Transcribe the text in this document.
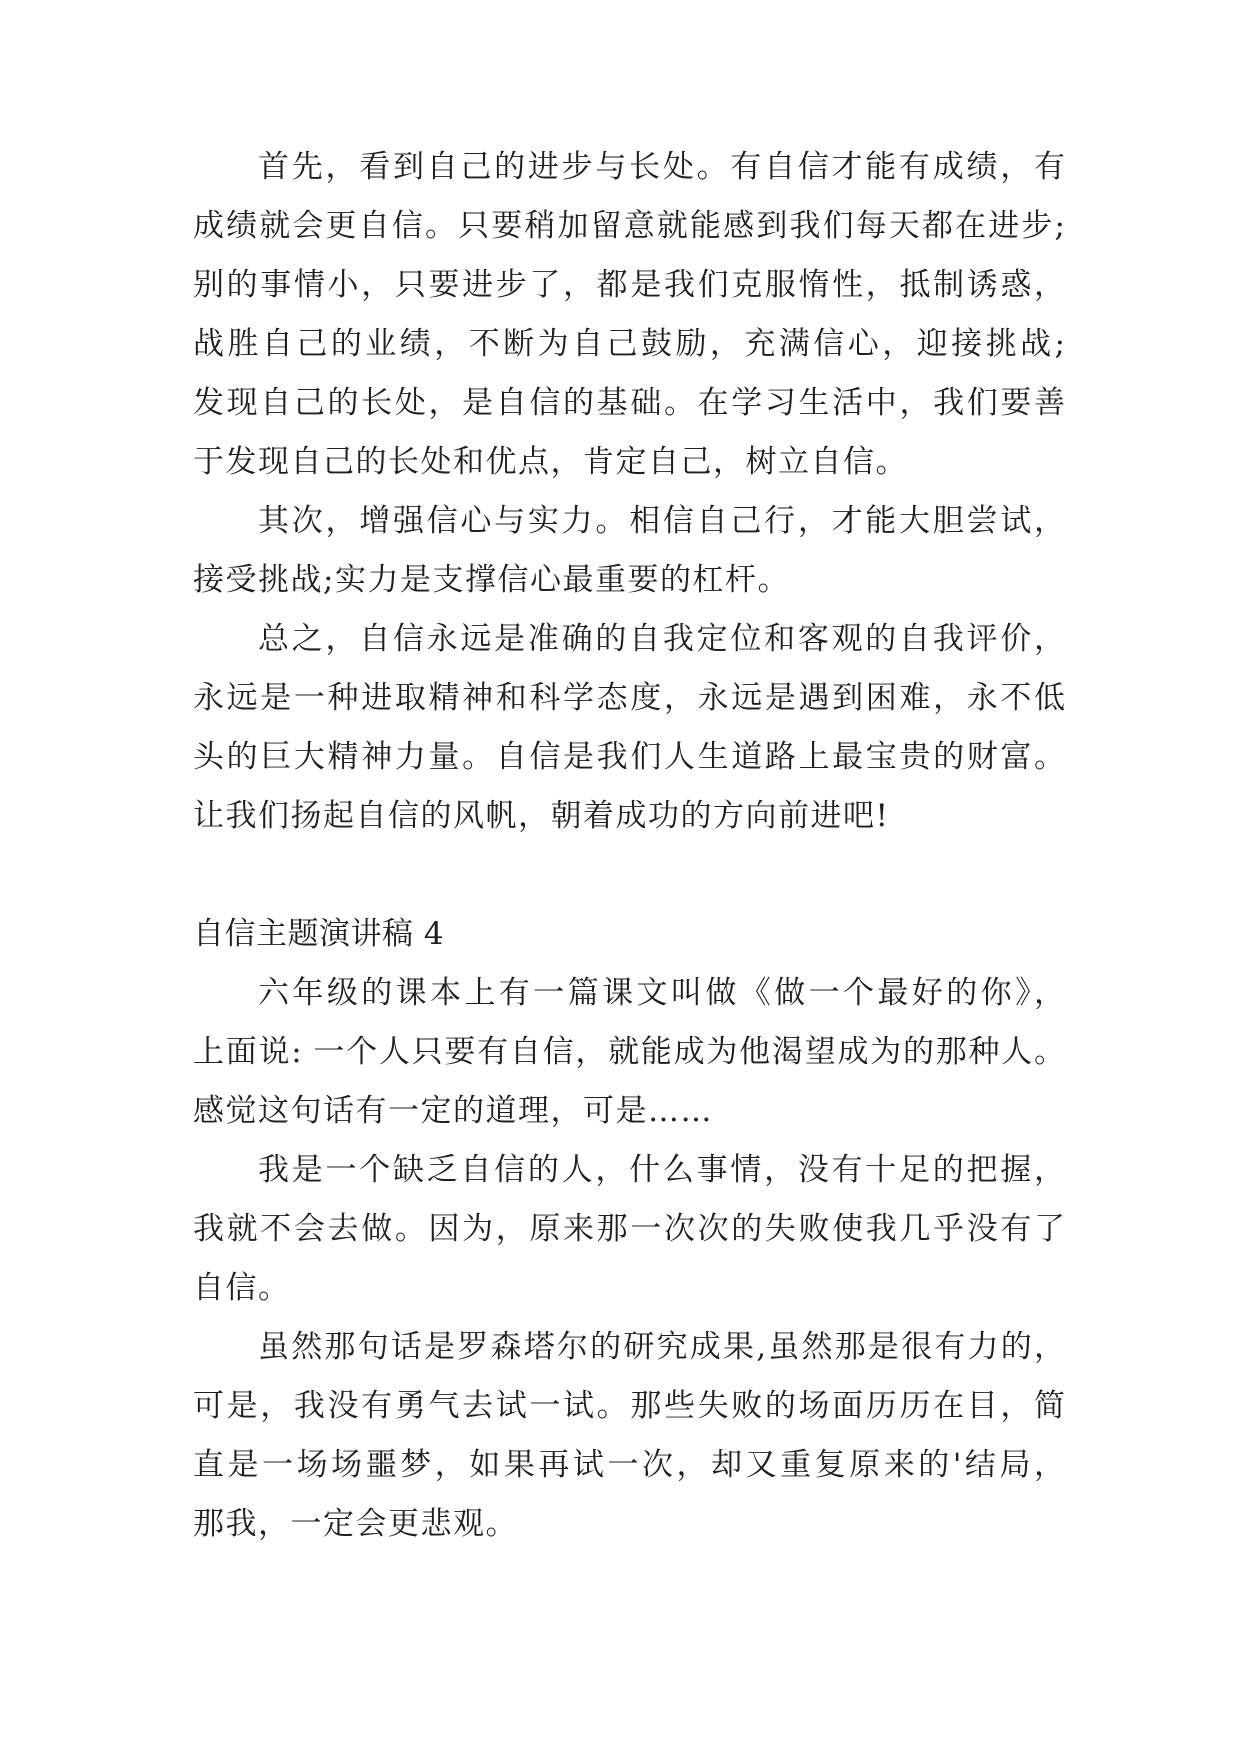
首先，看到自己的进步与长处。有自信才能有成绩，有

成绩就会更自信。只要稍加留意就能感到我们每天都在进步;

别的事情小，只要进步了，都是我们克服惰性，抵制诱惑，

战胜自己的业绩，不断为自己鼓励，充满信心，迎接挑战;

发现自己的长处，是自信的基础。在学习生活中，我们要善

于发现自己的长处和优点，肯定自己，树立自信。

其次，增强信心与实力。相信自己行，才能大胆尝试，

接受挑战;实力是支撑信心最重要的杠杆。

总之，自信永远是准确的自我定位和客观的自我评价，

永远是一种进取精神和科学态度，永远是遇到困难，永不低

头的巨大精神力量。自信是我们人生道路上最宝贵的财富。

让我们扬起自信的风帆，朝着成功的方向前进吧!

自信主题演讲稿 4

六年级的课本上有一篇课文叫做《做一个最好的你》，

上面说: 一个人只要有自信，就能成为他渴望成为的那种人。

感觉这句话有一定的道理，可是……

我是一个缺乏自信的人，什么事情，没有十足的把握，

我就不会去做。因为，原来那一次次的失败使我几乎没有了

自信。

虽然那句话是罗森塔尔的研究成果,虽然那是很有力的，

可是，我没有勇气去试一试。那些失败的场面历历在目，简

直是一场场噩梦，如果再试一次，却又重复原来的'结局，

那我，一定会更悲观。
